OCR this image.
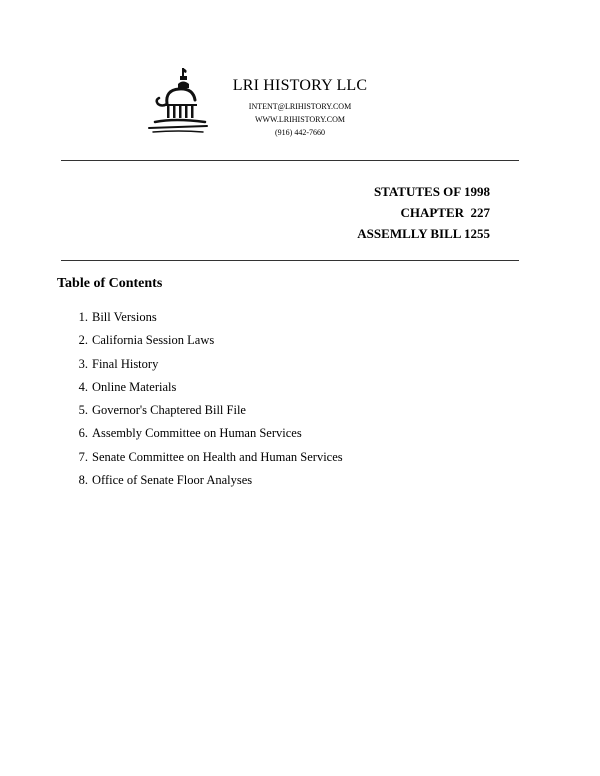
LRI HISTORY LLC
INTENT@LRIHISTORY.COM
WWW.LRIHISTORY.COM
(916) 442-7660
STATUTES OF 1998
CHAPTER  227
ASSEMLLY BILL 1255
Table of Contents
1. Bill Versions
2. California Session Laws
3. Final History
4. Online Materials
5. Governor's Chaptered Bill File
6. Assembly Committee on Human Services
7. Senate Committee on Health and Human Services
8. Office of Senate Floor Analyses
